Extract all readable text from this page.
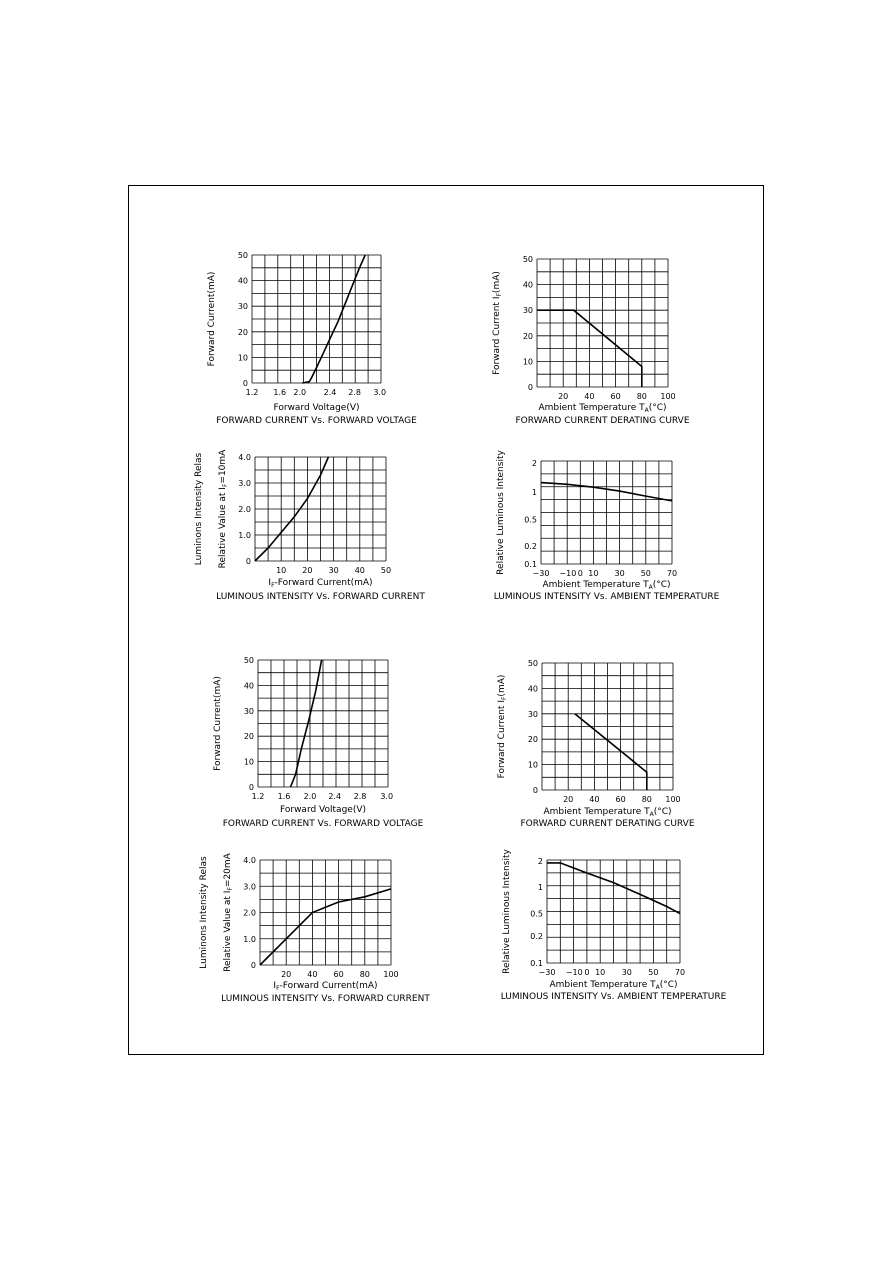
0
10
20
30
40
50
1.2 1.6 2.0 2.4 2.8 3.0
Forward Voltage(V)
FORWARD CURRENT Vs. FORWARD VOLTAGE
Forward Current(mA)
0
10
20
30
40
50
20 40 60 80 100
Ambient Temperature $T_A(^\circ C)$
FORWARD CURRENT DERATING CURVE
Forward Current $I_F(mA)$
0
1.0
2.0
3.0
4.0
10 20 30 40 50
$I_F$-Forward Current(mA)
LUMINOUS INTENSITY Vs. FORWARD CURRENT
Luminons Intensity Relas Relative Value at $I_F=10mA$
0.1
0.2
0.5
1
2
−30 −10 0 10 30 50 70
Ambient Temperature $T_A(^\circ C)$
LUMINOUS INTENSITY Vs. AMBIENT TEMPERATURE
Relative Luminous Intensity
0
10
20
30
40
50
1.2 1.6 2.0 2.4 2.8 3.0
Forward Voltage(V)
FORWARD CURRENT Vs. FORWARD VOLTAGE
Forward Current(mA)
0
10
20
30
40
50
20 40 60 80 100
Ambient Temperature $T_A(^\circ C)$
FORWARD CURRENT DERATING CURVE
Forward Current $I_F(mA)$
0
1.0
2.0
3.0
4.0
20 40 60 80 100
$I_F$-Forward Current(mA)
LUMINOUS INTENSITY Vs. FORWARD CURRENT
Luminons Intensity Relas Relative Value at $I_F=20mA$
0.1
0.2
0.5
1
2
−30 −10 0 10 30 50 70
Ambient Temperature $T_A(^\circ C)$
LUMINOUS INTENSITY Vs. AMBIENT TEMPERATURE
Relative Luminous Intensity
